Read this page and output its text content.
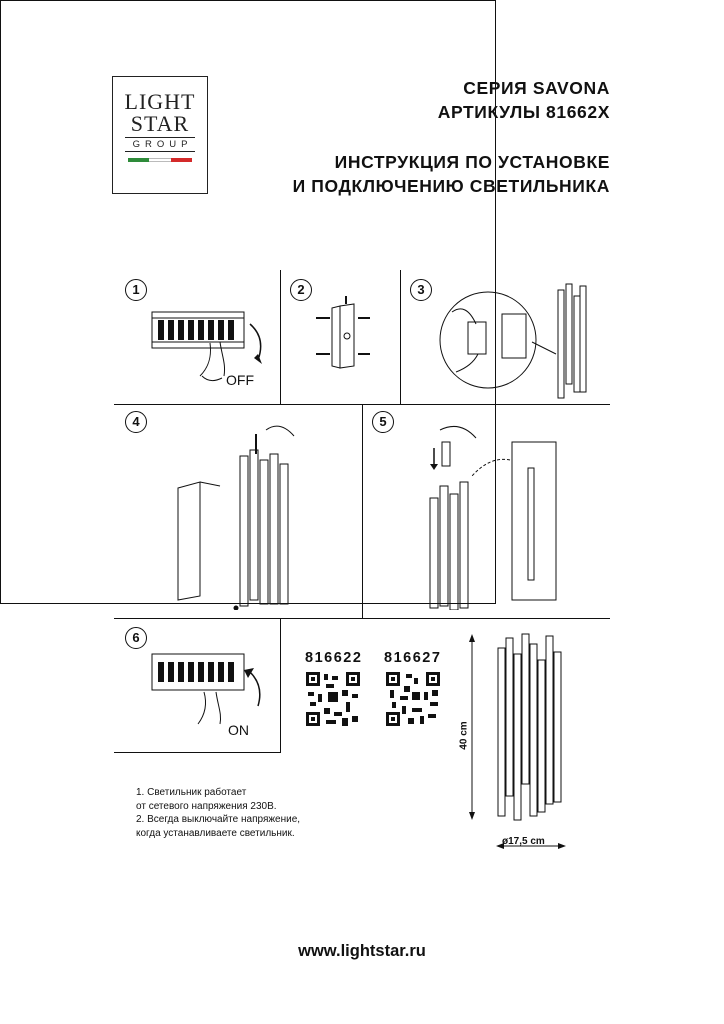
LIGHT
STAR
GROUP
СЕРИЯ SAVONA
АРТИКУЛЫ 81662X
ИНСТРУКЦИЯ ПО УСТАНОВКЕ
И ПОДКЛЮЧЕНИЮ СВЕТИЛЬНИКА
1	2	3
4	5
6
OFF
ON
816622 816627
1. Светильник работает
от сетевого напряжения 230В.
2. Всегда выключайте напряжение,
когда устанавливаете светильник.
40 cm
ø17,5 cm
www.lightstar.ru
